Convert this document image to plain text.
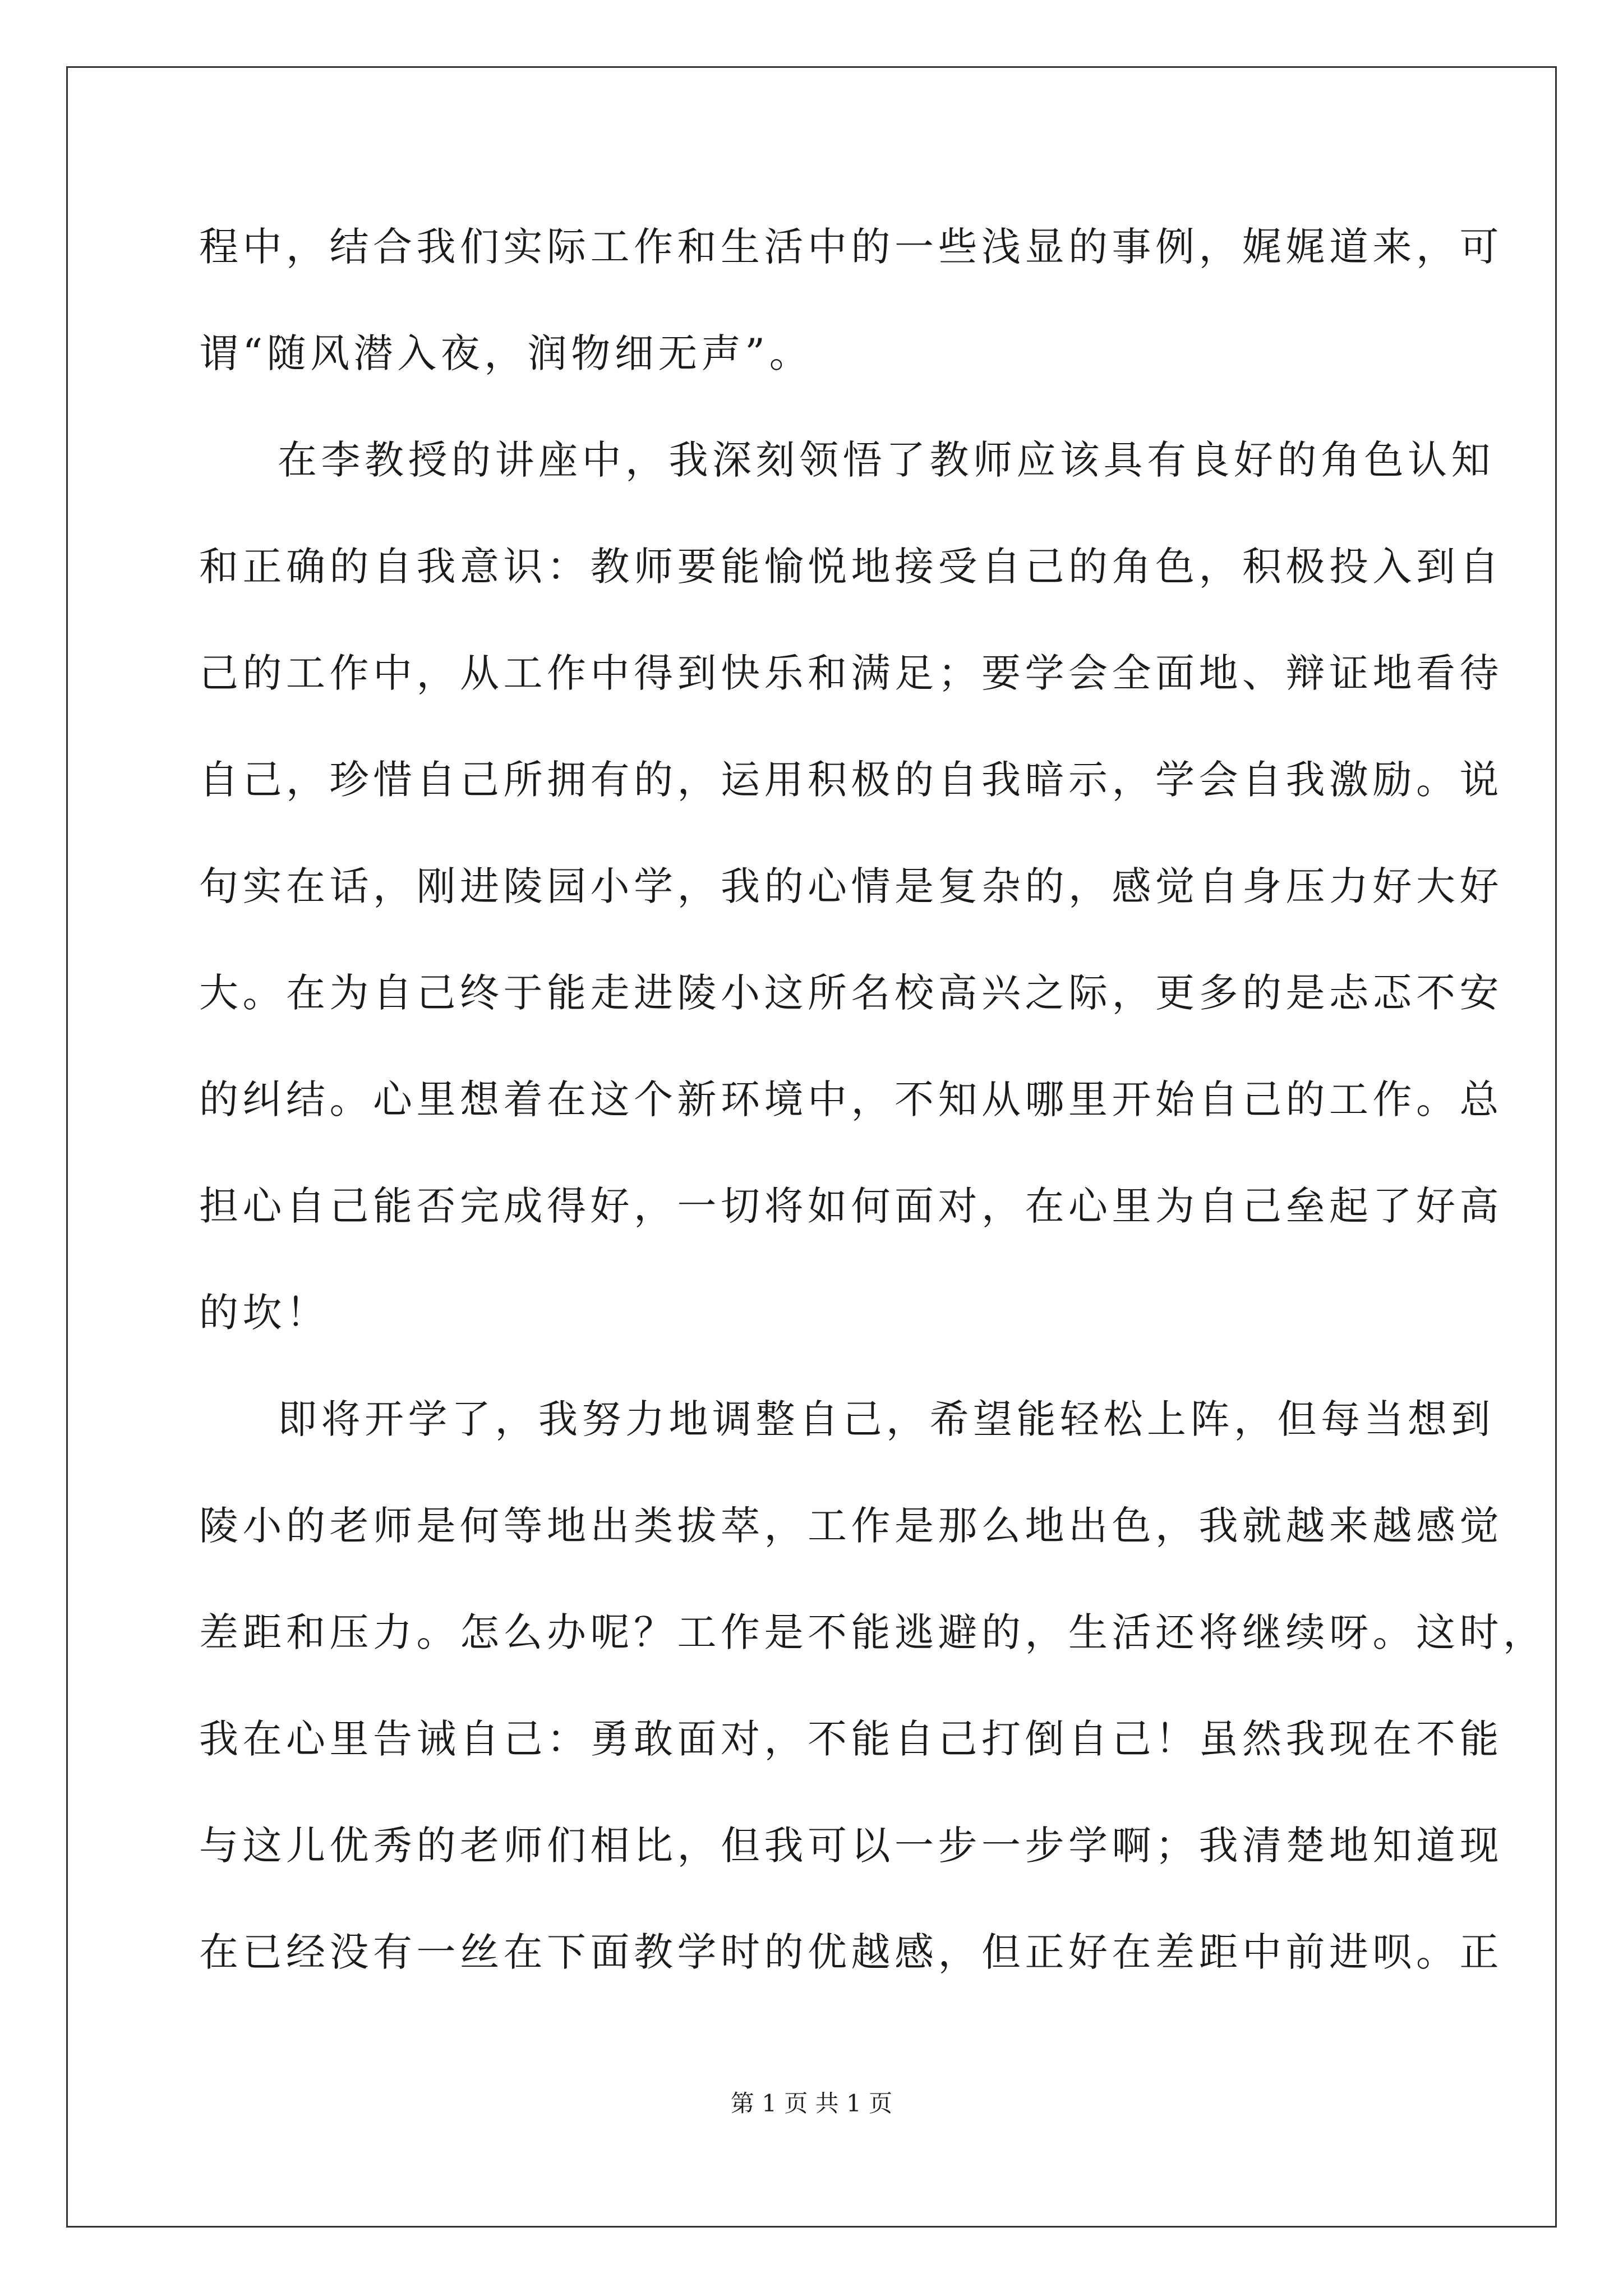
程中，结合我们实际工作和生活中的一些浅显的事例，娓娓道来，可
谓“随风潜入夜，润物细无声”。
在李教授的讲座中，我深刻领悟了教师应该具有良好的角色认知
和正确的自我意识：教师要能愉悦地接受自己的角色，积极投入到自
己的工作中，从工作中得到快乐和满足；要学会全面地、辩证地看待
自己，珍惜自己所拥有的，运用积极的自我暗示，学会自我激励。说
句实在话，刚进陵园小学，我的心情是复杂的，感觉自身压力好大好
大。在为自己终于能走进陵小这所名校高兴之际，更多的是忐忑不安
的纠结。心里想着在这个新环境中，不知从哪里开始自己的工作。总
担心自己能否完成得好，一切将如何面对，在心里为自己垒起了好高
的坎！
即将开学了，我努力地调整自己，希望能轻松上阵，但每当想到
陵小的老师是何等地出类拔萃，工作是那么地出色，我就越来越感觉
差距和压力。怎么办呢？工作是不能逃避的，生活还将继续呀。这时，
我在心里告诫自己：勇敢面对，不能自己打倒自己！虽然我现在不能
与这儿优秀的老师们相比，但我可以一步一步学啊；我清楚地知道现
在已经没有一丝在下面教学时的优越感，但正好在差距中前进呗。正
第 1 页 共 1 页
